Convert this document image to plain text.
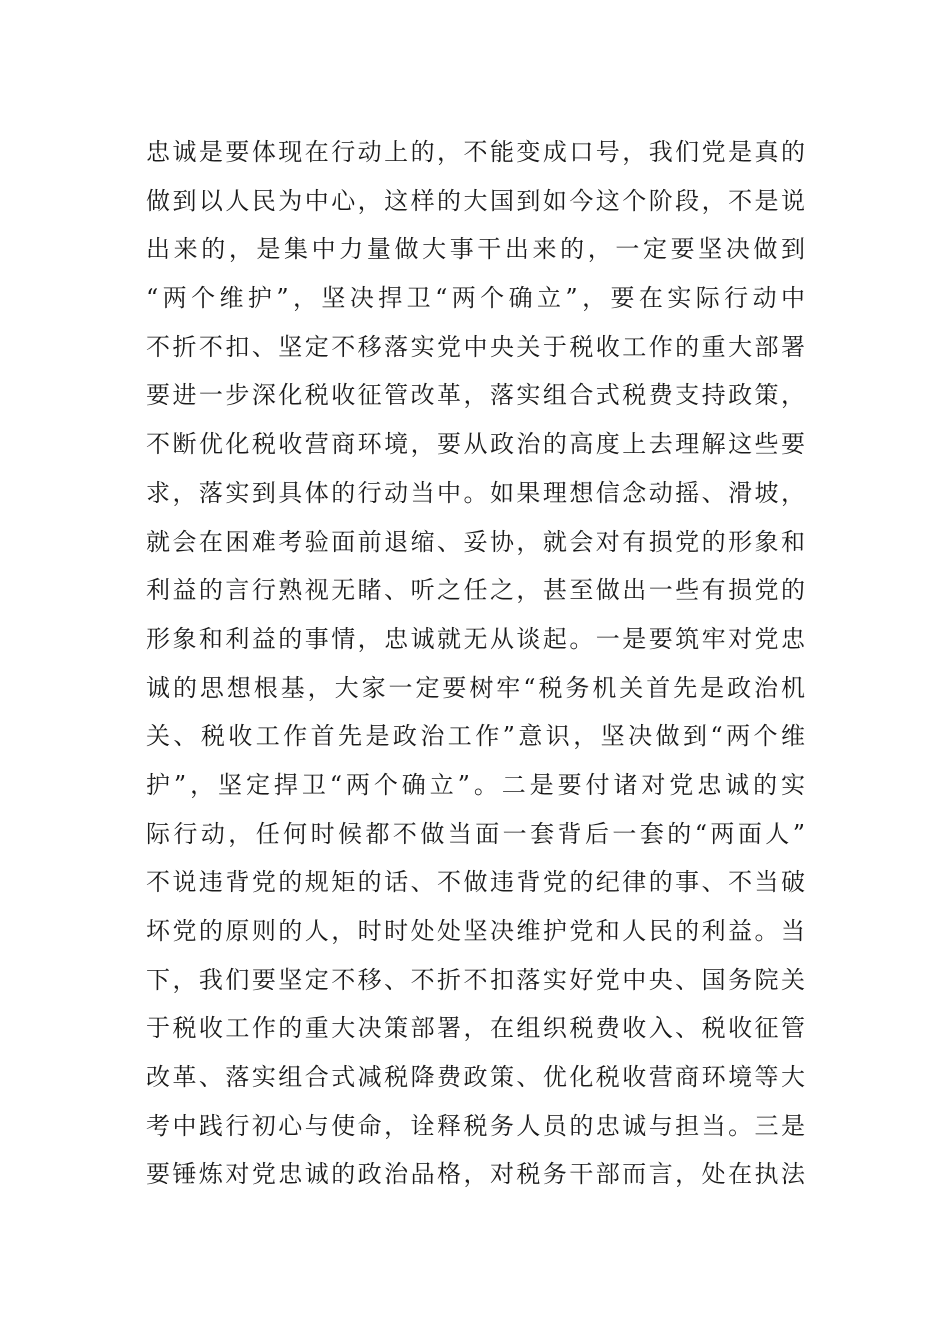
忠诚是要体现在行动上的，不能变成口号，我们党是真的
做到以人民为中心，这样的大国到如今这个阶段，不是说
出来的，是集中力量做大事干出来的，一定要坚决做到
“两个维护”，坚决捍卫“两个确立”，要在实际行动中
不折不扣、坚定不移落实党中央关于税收工作的重大部署
要进一步深化税收征管改革，落实组合式税费支持政策，
不断优化税收营商环境，要从政治的高度上去理解这些要
求，落实到具体的行动当中。如果理想信念动摇、滑坡，
就会在困难考验面前退缩、妥协，就会对有损党的形象和
利益的言行熟视无睹、听之任之，甚至做出一些有损党的
形象和利益的事情，忠诚就无从谈起。一是要筑牢对党忠
诚的思想根基，大家一定要树牢“税务机关首先是政治机
关、税收工作首先是政治工作”意识，坚决做到“两个维
护”，坚定捍卫“两个确立”。二是要付诸对党忠诚的实
际行动，任何时候都不做当面一套背后一套的“两面人”
不说违背党的规矩的话、不做违背党的纪律的事、不当破
坏党的原则的人，时时处处坚决维护党和人民的利益。当
下，我们要坚定不移、不折不扣落实好党中央、国务院关
于税收工作的重大决策部署，在组织税费收入、税收征管
改革、落实组合式减税降费政策、优化税收营商环境等大
考中践行初心与使命，诠释税务人员的忠诚与担当。三是
要锤炼对党忠诚的政治品格，对税务干部而言，处在执法
